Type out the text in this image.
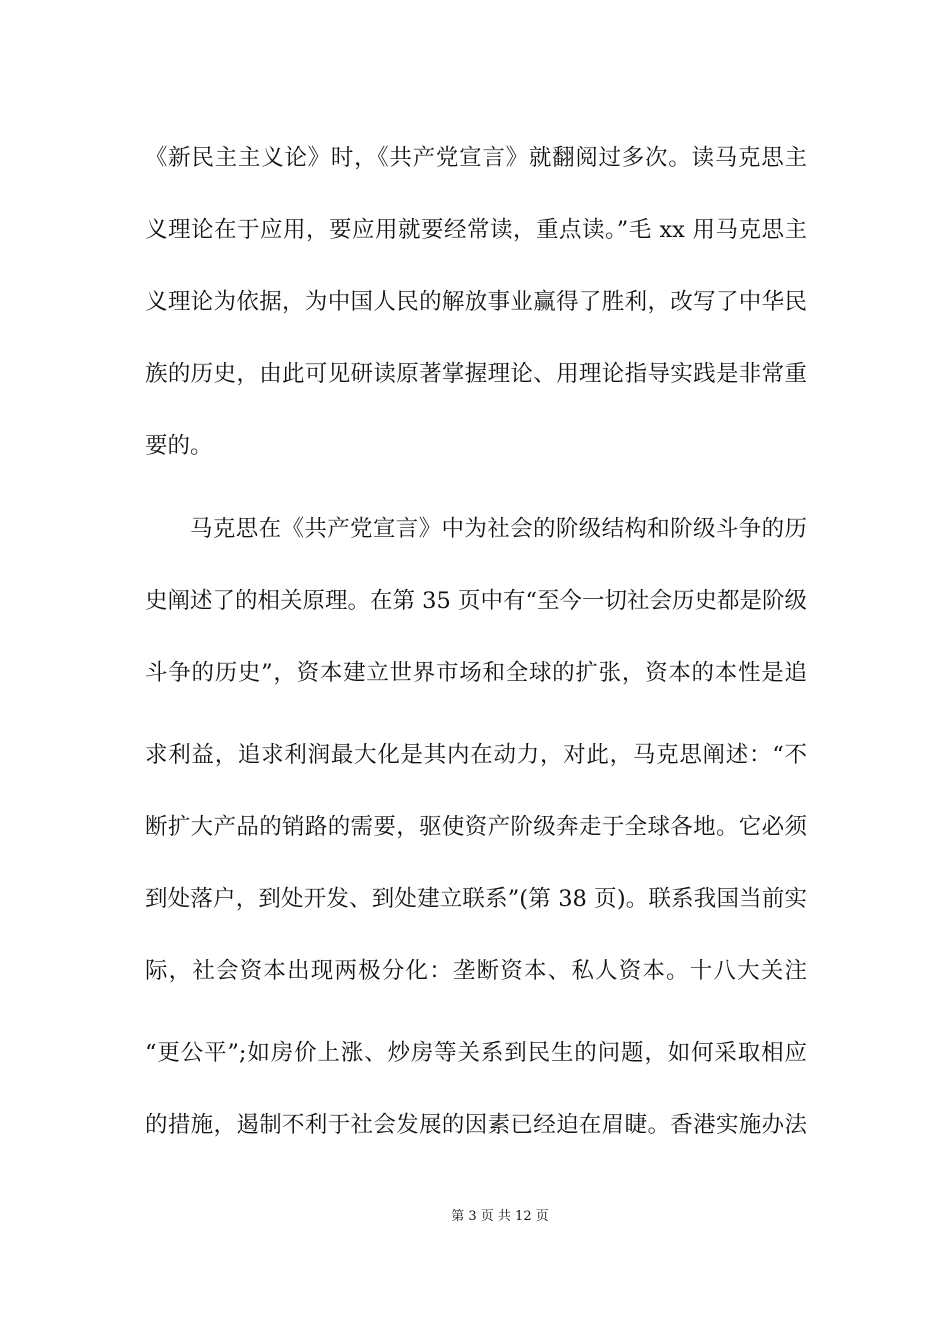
《新民主主义论》时，《共产党宣言》就翻阅过多次。读马克思主
义理论在于应用，要应用就要经常读，重点读。”毛 xx 用马克思主
义理论为依据，为中国人民的解放事业赢得了胜利，改写了中华民
族的历史，由此可见研读原著掌握理论、用理论指导实践是非常重
要的。
马克思在《共产党宣言》中为社会的阶级结构和阶级斗争的历
史阐述了的相关原理。在第 35 页中有“至今一切社会历史都是阶级
斗争的历史”，资本建立世界市场和全球的扩张，资本的本性是追
求利益，追求利润最大化是其内在动力，对此，马克思阐述：“不
断扩大产品的销路的需要，驱使资产阶级奔走于全球各地。它必须
到处落户，到处开发、到处建立联系”(第 38 页)。联系我国当前实
际，社会资本出现两极分化：垄断资本、私人资本。十八大关注
“更公平”;如房价上涨、炒房等关系到民生的问题，如何采取相应
的措施，遏制不利于社会发展的因素已经迫在眉睫。香港实施办法
第 3 页 共 12 页
